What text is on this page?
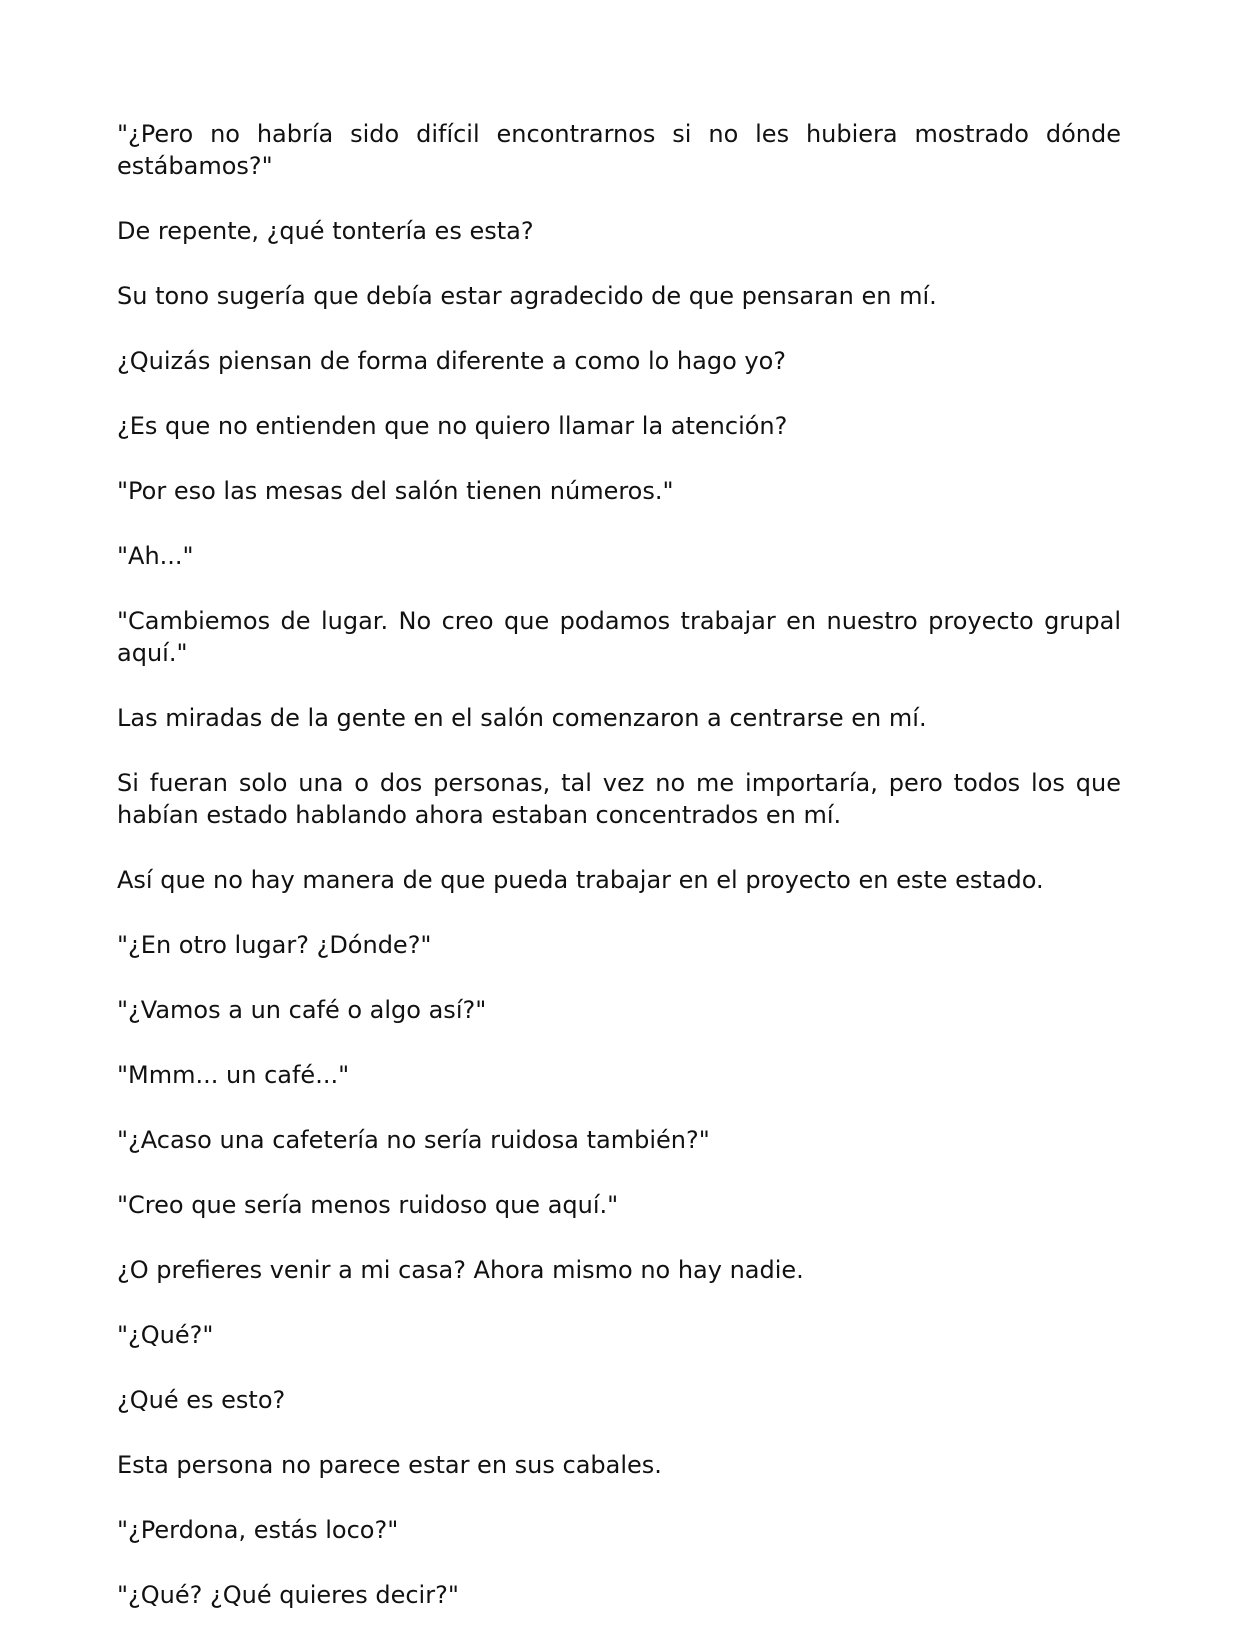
"¿Pero no habría sido difícil encontrarnos si no les hubiera mostrado dónde estábamos?"

De repente, ¿qué tontería es esta?

Su tono sugería que debía estar agradecido de que pensaran en mí.

¿Quizás piensan de forma diferente a como lo hago yo?

¿Es que no entienden que no quiero llamar la atención?

"Por eso las mesas del salón tienen números."

"Ah..."

"Cambiemos de lugar. No creo que podamos trabajar en nuestro proyecto grupal aquí."

Las miradas de la gente en el salón comenzaron a centrarse en mí.

Si fueran solo una o dos personas, tal vez no me importaría, pero todos los que habían estado hablando ahora estaban concentrados en mí.

Así que no hay manera de que pueda trabajar en el proyecto en este estado.

"¿En otro lugar? ¿Dónde?"

"¿Vamos a un café o algo así?"

"Mmm... un café..."

"¿Acaso una cafetería no sería ruidosa también?"

"Creo que sería menos ruidoso que aquí."

¿O prefieres venir a mi casa? Ahora mismo no hay nadie.

"¿Qué?"

¿Qué es esto?

Esta persona no parece estar en sus cabales.

"¿Perdona, estás loco?"

"¿Qué? ¿Qué quieres decir?"
